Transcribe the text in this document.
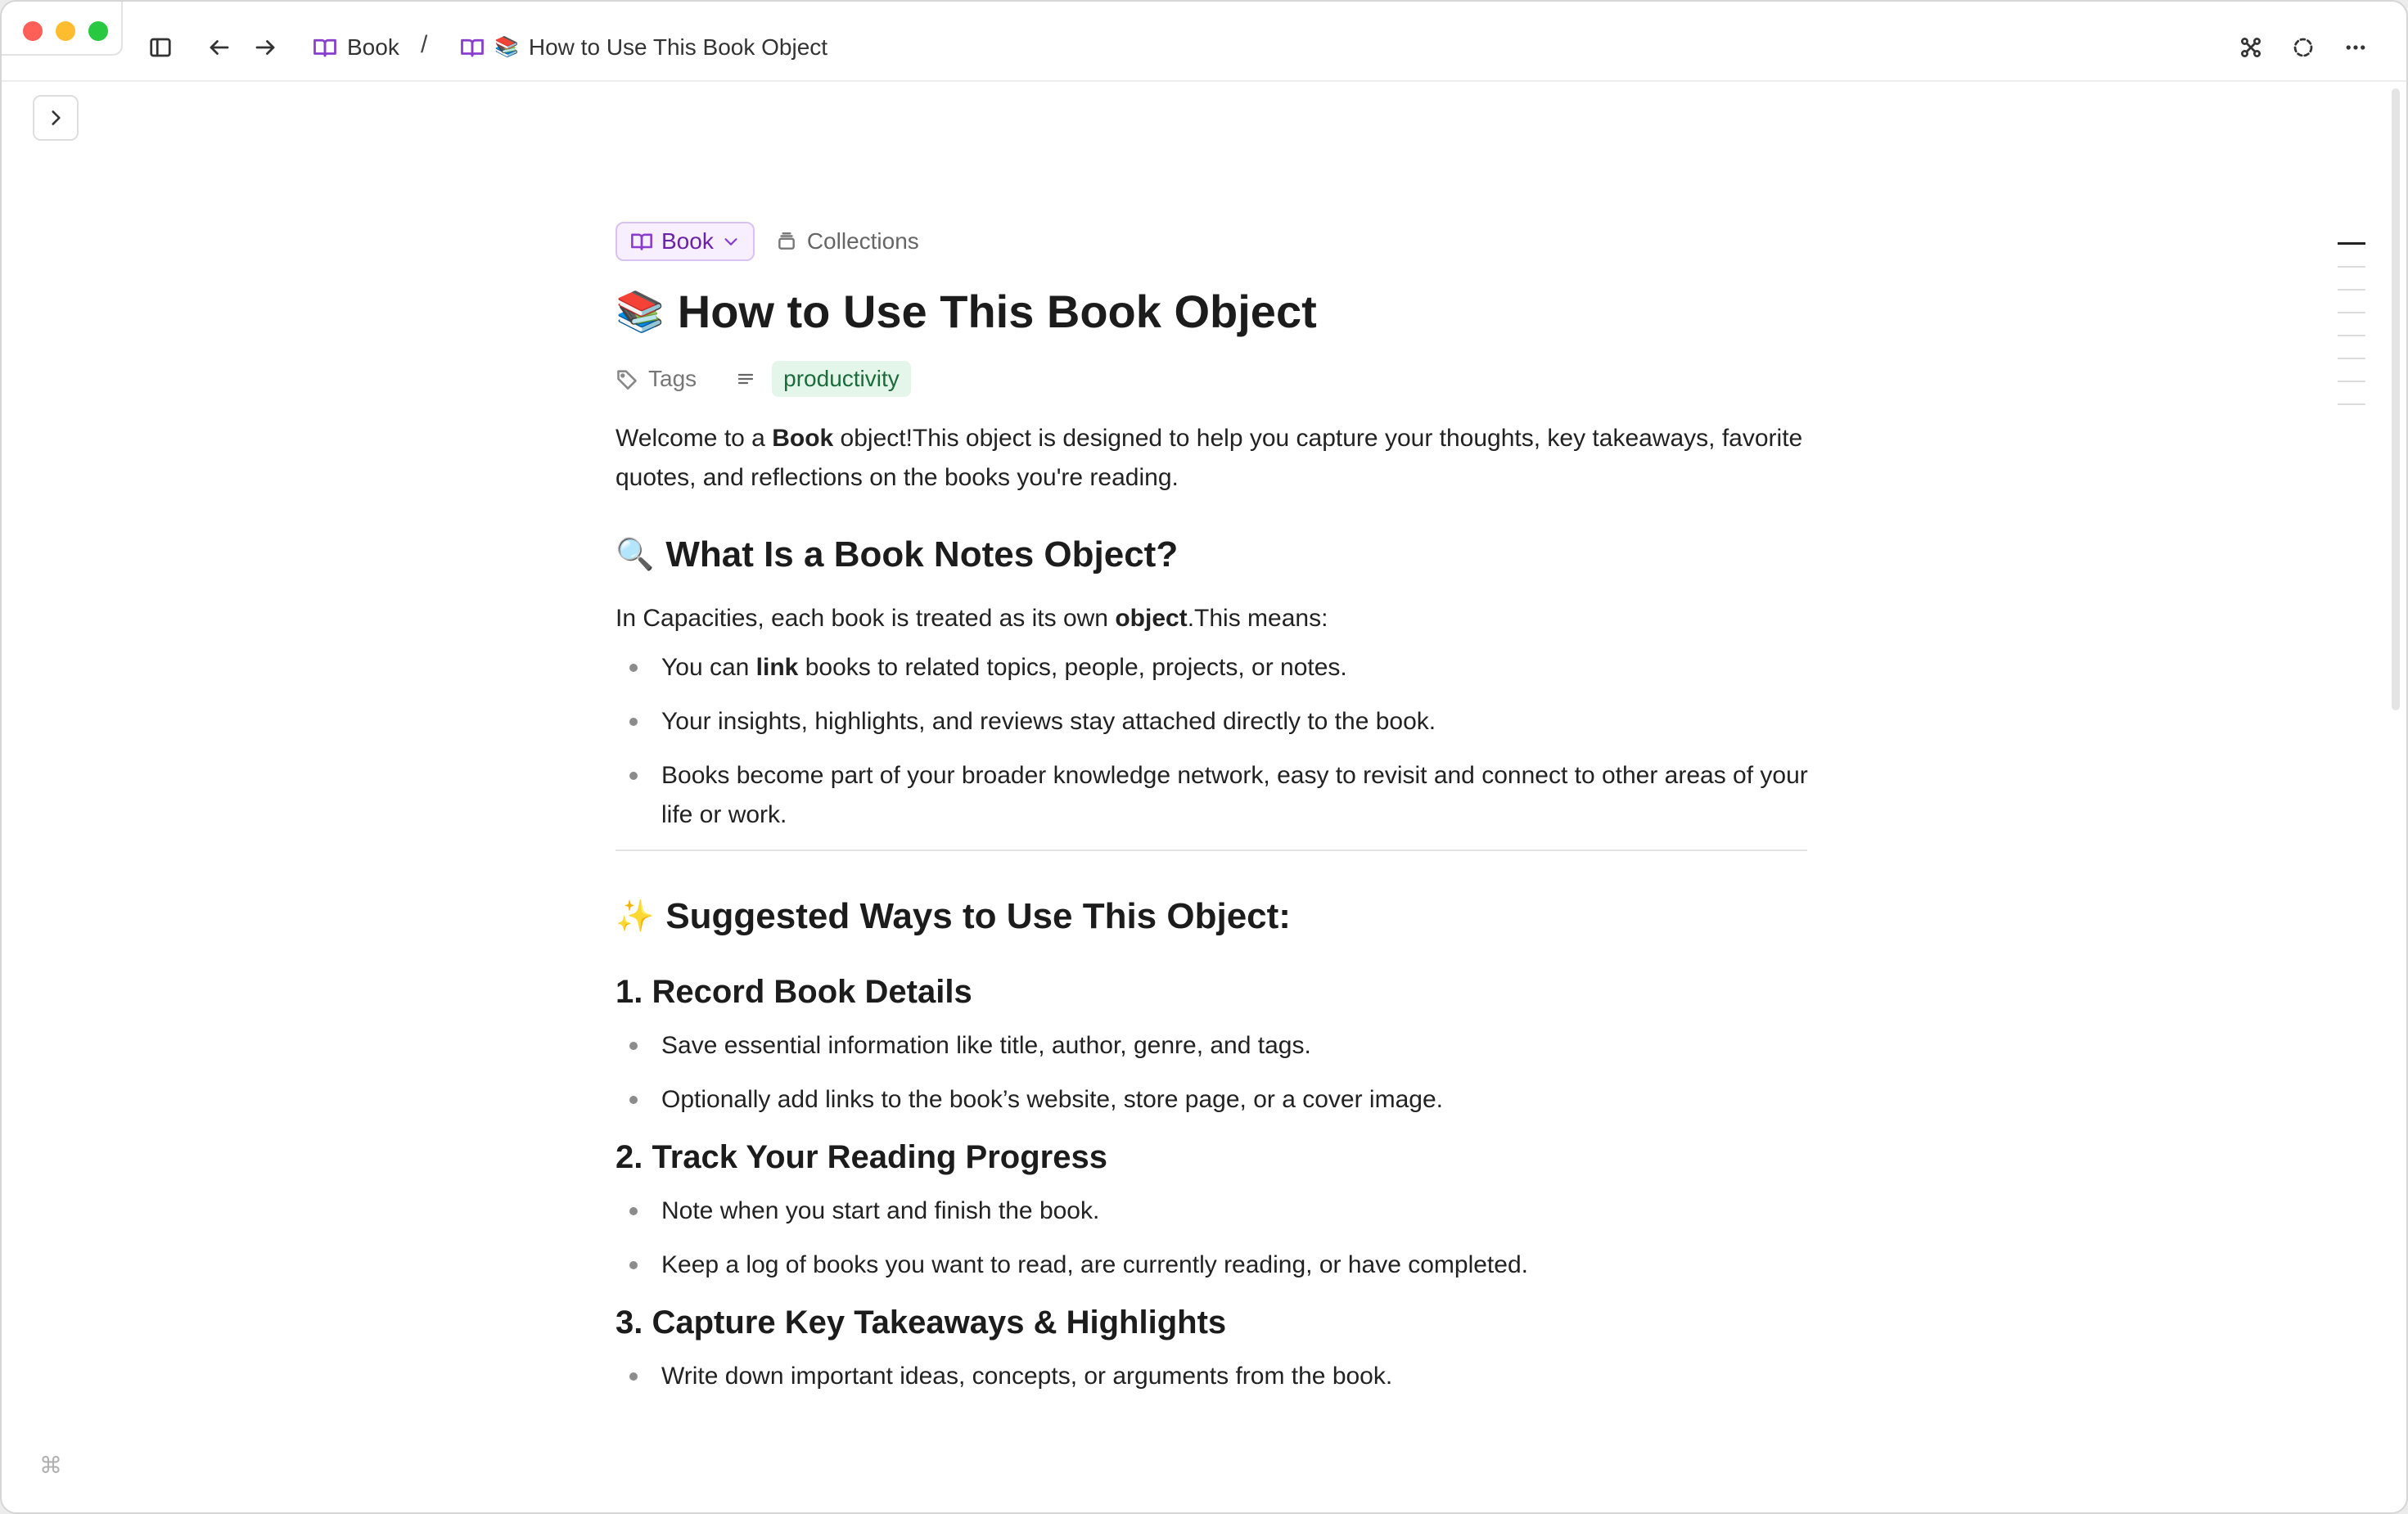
Book /	📚 How to Use This Book Object
Book	Collections
📚 How to Use This Book Object
Tags	productivity

Welcome to a Book object!This object is designed to help you capture your thoughts, key takeaways, favorite quotes, and reflections on the books you're reading.

🔍 What Is a Book Notes Object?

In Capacities, each book is treated as its own object.This means:

You can link books to related topics, people, projects, or notes.
Your insights, highlights, and reviews stay attached directly to the book.
Books become part of your broader knowledge network, easy to revisit and connect to other areas of your life or work.
✨ Suggested Ways to Use This Object:
1. Record Book Details
Save essential information like title, author, genre, and tags.
Optionally add links to the book’s website, store page, or a cover image.
2. Track Your Reading Progress
Note when you start and finish the book.
Keep a log of books you want to read, are currently reading, or have completed.
3. Capture Key Takeaways & Highlights
Write down important ideas, concepts, or arguments from the book.
⌘
